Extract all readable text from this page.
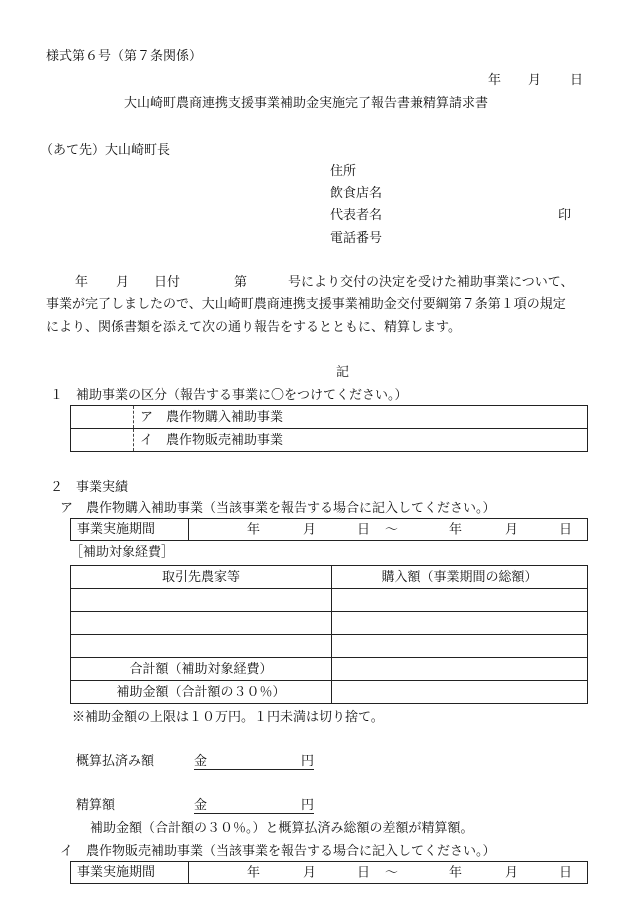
様式第６号（第７条関係）
年 月 日
大山崎町農商連携支援事業補助金実施完了報告書兼精算請求書
（あて先）大山崎町長
住所
飲食店名
代表者名	印
電話番号
年 月 日付	第	号により交付の決定を受けた補助事業について、
事業が完了しましたので、大山崎町農商連携支援事業補助金交付要綱第７条第１項の規定
により、関係書類を添えて次の通り報告をするとともに、精算します。
記
１　補助事業の区分（報告する事業に〇をつけてください。）
	ア　農作物購入補助事業
	イ　農作物販売補助事業
２　事業実績
ア　農作物購入補助事業（当該事業を報告する場合に記入してください。）
事業実施期間	年	月	日 ～	年	月	日
［補助対象経費］
取引先農家等	購入額（事業期間の総額）

合計額（補助対象経費）	
補助金額（合計額の３０％）	
※補助金額の上限は１０万円。１円未満は切り捨て。
概算払済み額	金	円
精算額	金	円
補助金額（合計額の３０％。）と概算払済み総額の差額が精算額。
イ　農作物販売補助事業（当該事業を報告する場合に記入してください。）
事業実施期間	年	月	日 ～	年	月	日
